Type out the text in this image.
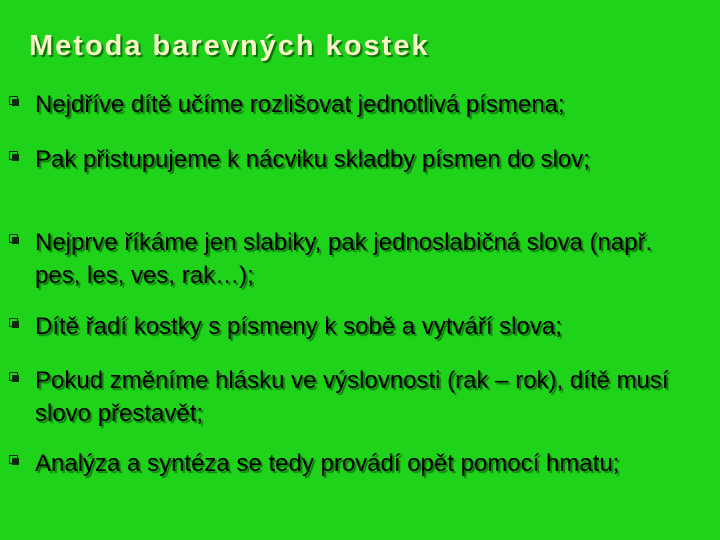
Metoda barevných kostek
Nejdříve dítě učíme rozlišovat jednotlivá písmena;
Pak přistupujeme k nácviku skladby písmen do slov;
Nejprve říkáme jen slabiky, pak jednoslabičná slova (např. pes, les, ves, rak…);
Dítě řadí kostky s písmeny k sobě a vytváří slova;
Pokud změníme hlásku ve výslovnosti (rak – rok), dítě musí slovo přestavět;
Analýza a syntéza se tedy provádí opět pomocí hmatu;
